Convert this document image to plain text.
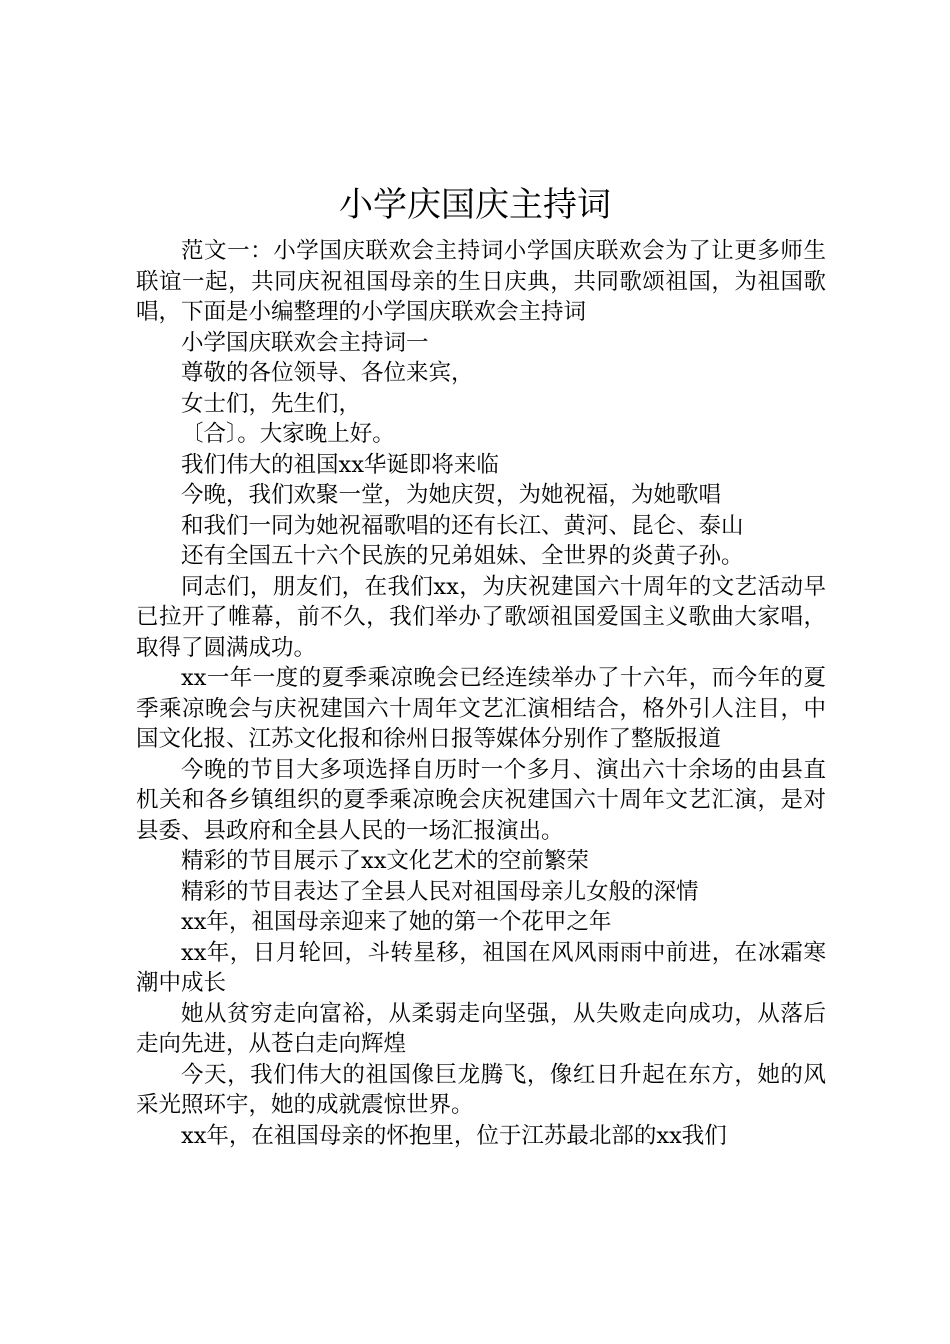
小学庆国庆主持词

范文一：小学国庆联欢会主持词小学国庆联欢会为了让更多师生联谊一起，共同庆祝祖国母亲的生日庆典，共同歌颂祖国，为祖国歌唱，下面是小编整理的小学国庆联欢会主持词

小学国庆联欢会主持词一

尊敬的各位领导、各位来宾，

女士们，先生们，

〔合〕。大家晚上好。

我们伟大的祖国xx华诞即将来临

今晚，我们欢聚一堂，为她庆贺，为她祝福，为她歌唱

和我们一同为她祝福歌唱的还有长江、黄河、昆仑、泰山

还有全国五十六个民族的兄弟姐妹、全世界的炎黄子孙。

同志们，朋友们，在我们xx，为庆祝建国六十周年的文艺活动早已拉开了帷幕，前不久，我们举办了歌颂祖国爱国主义歌曲大家唱，取得了圆满成功。

xx一年一度的夏季乘凉晚会已经连续举办了十六年，而今年的夏季乘凉晚会与庆祝建国六十周年文艺汇演相结合，格外引人注目，中国文化报、江苏文化报和徐州日报等媒体分别作了整版报道

今晚的节目大多项选择自历时一个多月、演出六十余场的由县直机关和各乡镇组织的夏季乘凉晚会庆祝建国六十周年文艺汇演，是对县委、县政府和全县人民的一场汇报演出。

精彩的节目展示了xx文化艺术的空前繁荣

精彩的节目表达了全县人民对祖国母亲儿女般的深情

xx年，祖国母亲迎来了她的第一个花甲之年

xx年，日月轮回，斗转星移，祖国在风风雨雨中前进，在冰霜寒潮中成长

她从贫穷走向富裕，从柔弱走向坚强，从失败走向成功，从落后走向先进，从苍白走向辉煌

今天，我们伟大的祖国像巨龙腾飞，像红日升起在东方，她的风采光照环宇，她的成就震惊世界。

xx年，在祖国母亲的怀抱里，位于江苏最北部的xx我们
